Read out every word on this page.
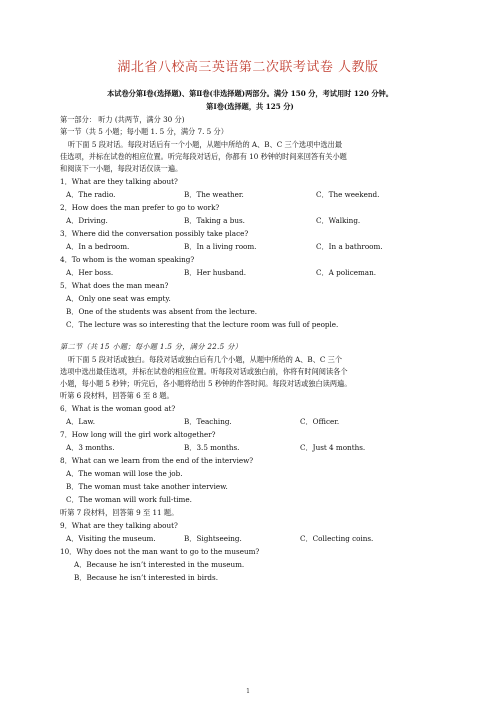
湖北省八校高三英语第二次联考试卷 人教版
本试卷分第Ⅰ卷(选择题)、第Ⅱ卷(非选择题)两部分。满分 150 分，考试用时 120 分钟。
第Ⅰ卷(选择题，共 125 分)
第一部分： 听力 (共两节，满分 30 分)
第一节（共 5 小题；每小题 1. 5 分，满分 7. 5 分）
听下面 5 段对话。每段对话后有一个小题，从题中所给的 A、B、C 三个选项中选出最
佳选项，并标在试卷的相应位置。听完每段对话后，你都有 10 秒钟的时间来回答有关小题
和阅读下一小题，每段对话仅读一遍。
1．What are they talking about?
A．The radio.	B．The weather.	C．The weekend.
2．How does the man prefer to go to work?
A．Driving.	B．Taking a bus.	C．Walking.
3．Where did the conversation possibly take place?
A．In a bedroom.	B．In a living room.	C．In a bathroom.
4．To whom is the woman speaking?
A．Her boss.	B．Her husband.	C．A policeman.
5．What does the man mean?
A．Only one seat was empty.
B．One of the students was absent from the lecture.
C．The lecture was so interesting that the lecture room was full of people.
第二节（共 15 小题；每小题 1.5 分，满分 22.5 分）
听下面 5 段对话或独白。每段对话或独白后有几个小题，从题中所给的 A、B、C 三个
选项中选出最佳选项，并标在试卷的相应位置。听每段对话或独白前，你将有时间阅读各个
小题，每小题 5 秒钟；听完后，各小题将给出 5 秒钟的作答时间。每段对话或独白读两遍。
听第 6 段材料，回答第 6 至 8 题。
6．What is the woman good at?
A．Law.	B．Teaching.	C．Officer.
7．How long will the girl work altogether?
A．3 months.	B．3.5 months.	C．Just 4 months.
8．What can we learn from the end of the interview?
A．The woman will lose the job.
B．The woman must take another interview.
C．The woman will work full-time.
听第 7 段材料，回答第 9 至 11 题。
9．What are they talking about?
A．Visiting the museum.	B．Sightseeing.	C．Collecting coins.
10．Why does not the man want to go to the museum?
A．Because he isn’t interested in the museum.
B．Because he isn’t interested in birds.
1
